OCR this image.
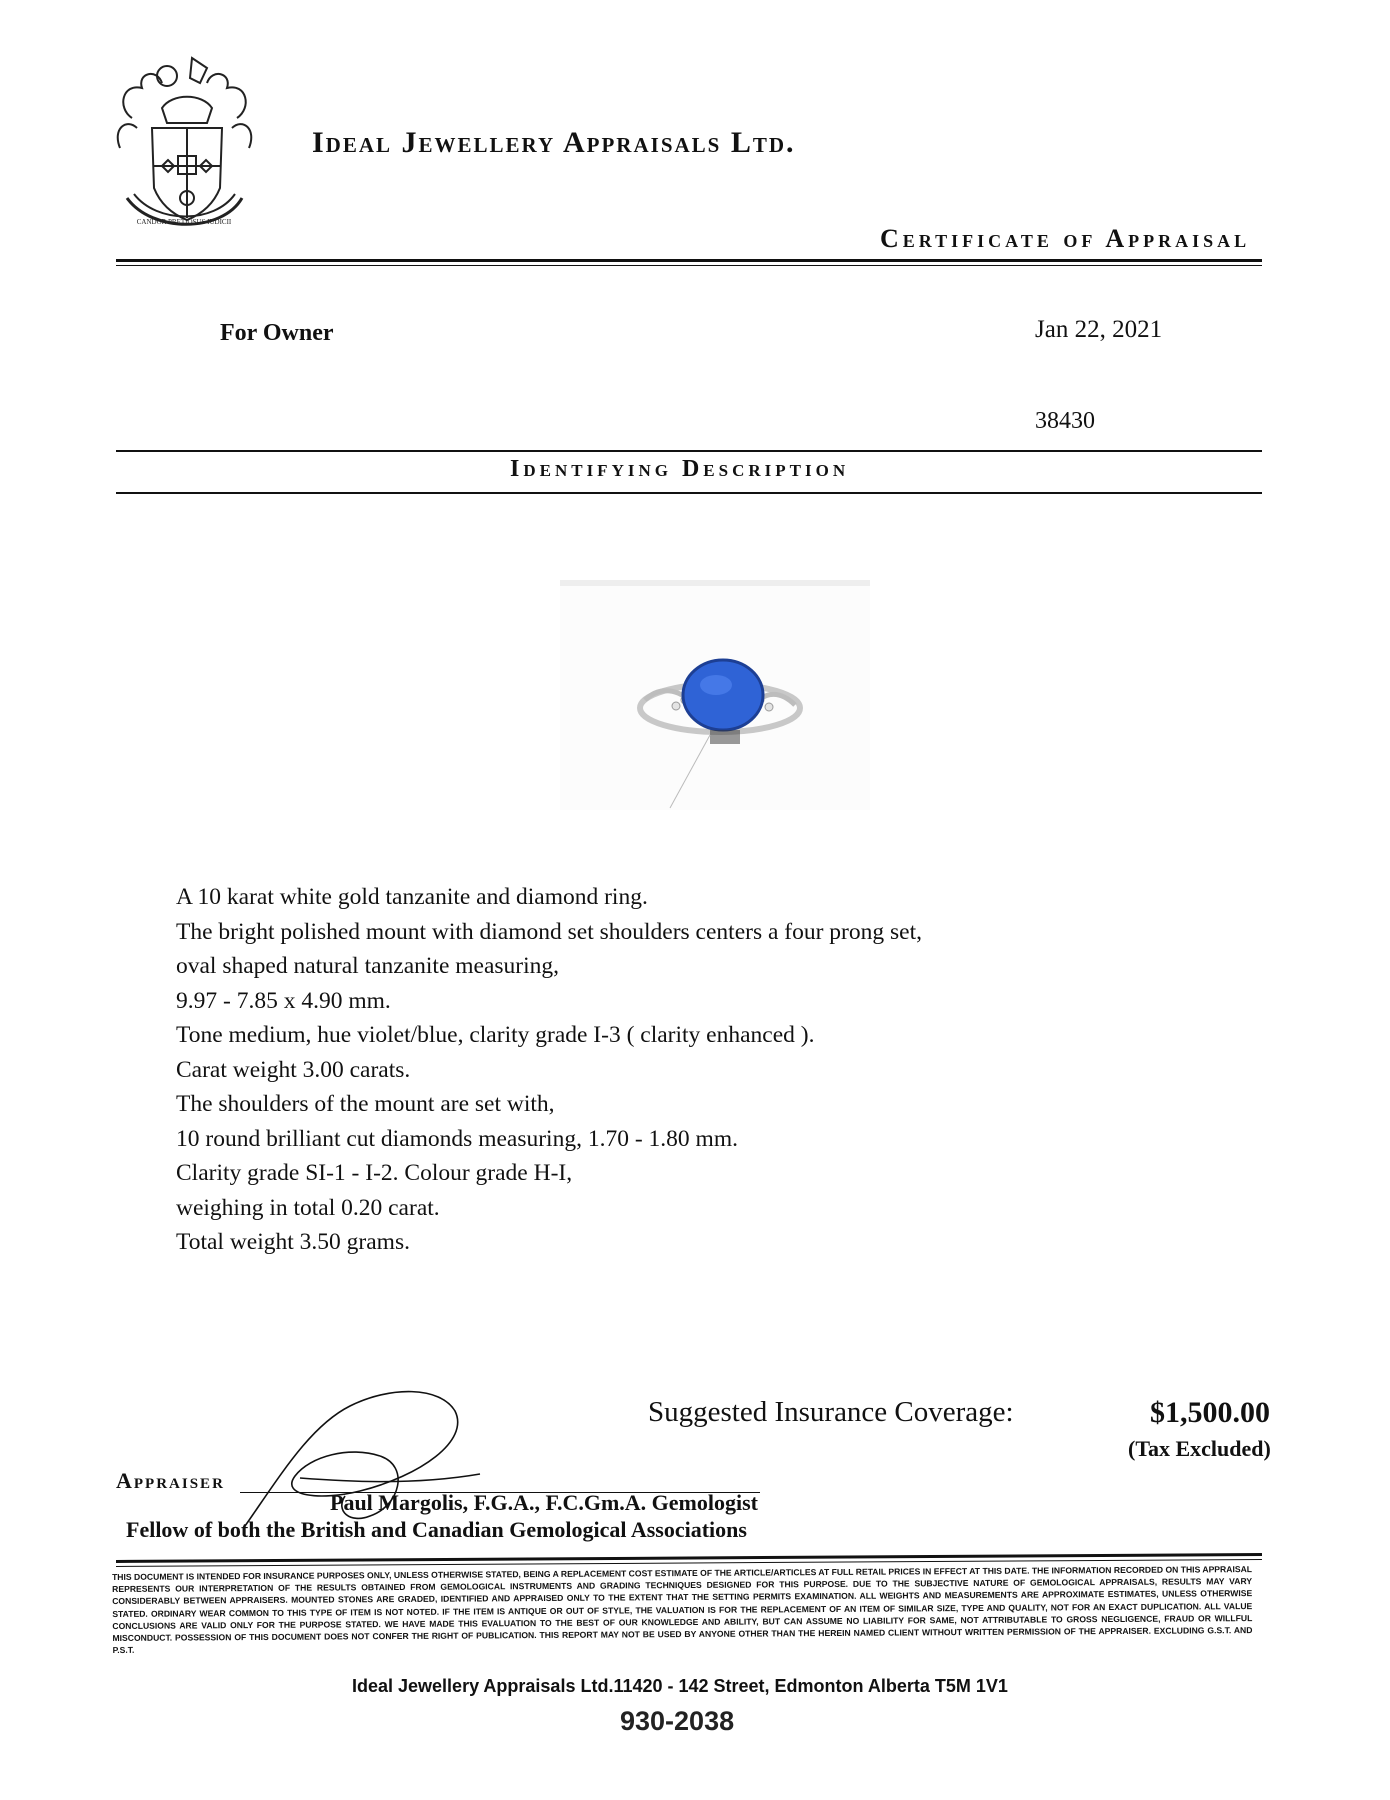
CANDOR PRETIOSUS IUDICII
Ideal Jewellery Appraisals Ltd.
Certificate of Appraisal
For Owner	Jan 22, 2021
38430
Identifying Description
A 10 karat white gold tanzanite and diamond ring.
The bright polished mount with diamond set shoulders centers a four prong set,
oval shaped natural tanzanite measuring,
9.97 - 7.85 x 4.90 mm.
Tone medium, hue violet/blue, clarity grade I-3 ( clarity enhanced ).
Carat weight 3.00 carats.
The shoulders of the mount are set with,
10 round brilliant cut diamonds measuring, 1.70 - 1.80 mm.
Clarity grade SI-1 - I-2. Colour grade H-I,
weighing in total 0.20 carat.
Total weight 3.50 grams.
Suggested Insurance Coverage:	$1,500.00
(Tax Excluded)
Appraiser
Paul Margolis, F.G.A., F.C.Gm.A. Gemologist
Fellow of both the British and Canadian Gemological Associations
THIS DOCUMENT IS INTENDED FOR INSURANCE PURPOSES ONLY, UNLESS OTHERWISE STATED, BEING A REPLACEMENT COST ESTIMATE OF THE ARTICLE/ARTICLES AT FULL RETAIL PRICES IN EFFECT AT THIS DATE. THE INFORMATION RECORDED ON THIS APPRAISAL REPRESENTS OUR INTERPRETATION OF THE RESULTS OBTAINED FROM GEMOLOGICAL INSTRUMENTS AND GRADING TECHNIQUES DESIGNED FOR THIS PURPOSE. DUE TO THE SUBJECTIVE NATURE OF GEMOLOGICAL APPRAISALS, RESULTS MAY VARY CONSIDERABLY BETWEEN APPRAISERS. MOUNTED STONES ARE GRADED, IDENTIFIED AND APPRAISED ONLY TO THE EXTENT THAT THE SETTING PERMITS EXAMINATION. ALL WEIGHTS AND MEASUREMENTS ARE APPROXIMATE ESTIMATES, UNLESS OTHERWISE STATED. ORDINARY WEAR COMMON TO THIS TYPE OF ITEM IS NOT NOTED. IF THE ITEM IS ANTIQUE OR OUT OF STYLE, THE VALUATION IS FOR THE REPLACEMENT OF AN ITEM OF SIMILAR SIZE, TYPE AND QUALITY, NOT FOR AN EXACT DUPLICATION. ALL VALUE CONCLUSIONS ARE VALID ONLY FOR THE PURPOSE STATED. WE HAVE MADE THIS EVALUATION TO THE BEST OF OUR KNOWLEDGE AND ABILITY, BUT CAN ASSUME NO LIABILITY FOR SAME, NOT ATTRIBUTABLE TO GROSS NEGLIGENCE, FRAUD OR WILLFUL MISCONDUCT. POSSESSION OF THIS DOCUMENT DOES NOT CONFER THE RIGHT OF PUBLICATION. THIS REPORT MAY NOT BE USED BY ANYONE OTHER THAN THE HEREIN NAMED CLIENT WITHOUT WRITTEN PERMISSION OF THE APPRAISER. EXCLUDING G.S.T. AND P.S.T.
Ideal Jewellery Appraisals Ltd.11420 - 142 Street, Edmonton Alberta T5M 1V1
930-2038
